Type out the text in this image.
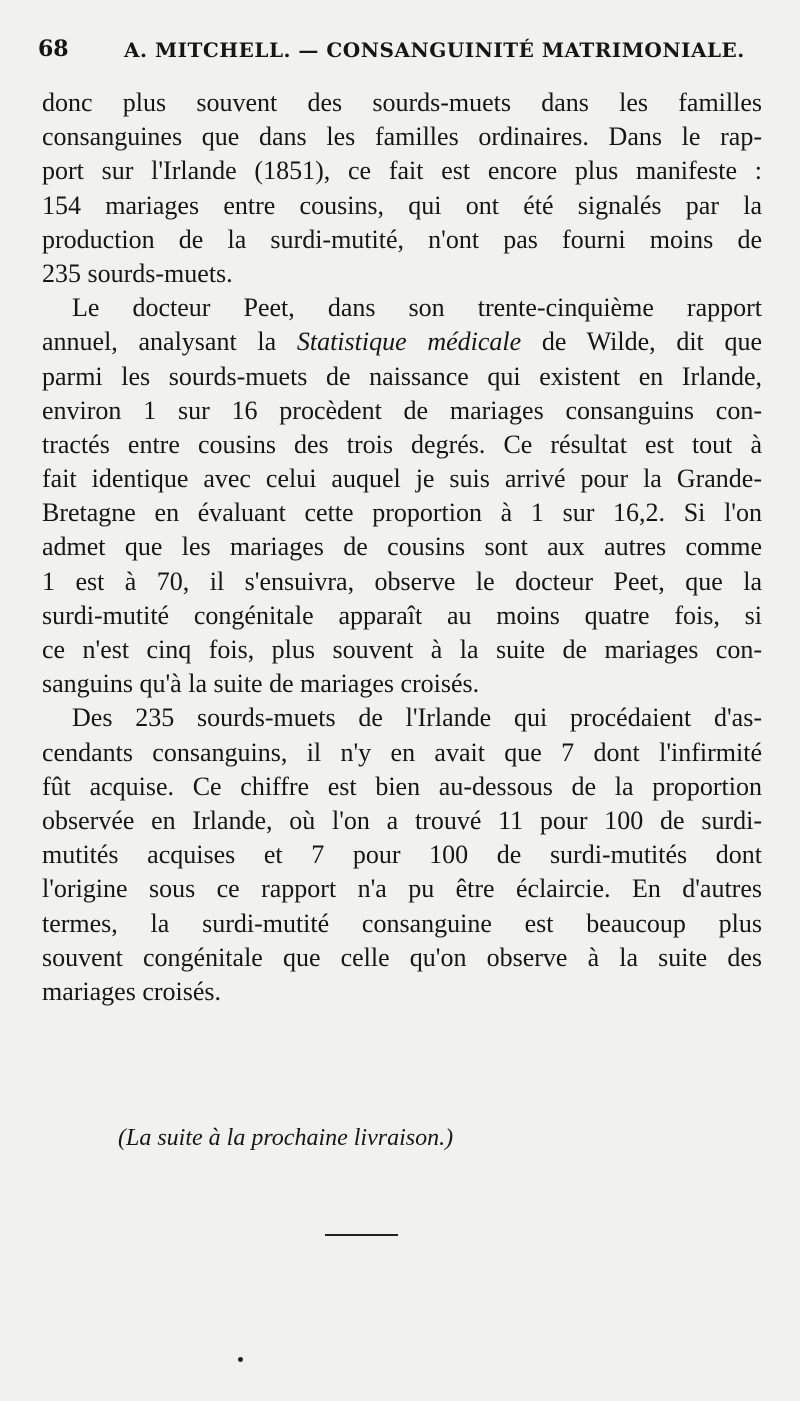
68	A. MITCHELL. — CONSANGUINITÉ MATRIMONIALE.
donc plus souvent des sourds-muets dans les familles
consanguines que dans les familles ordinaires. Dans le rap-
port sur l'Irlande (1851), ce fait est encore plus manifeste :
154 mariages entre cousins, qui ont été signalés par la
production de la surdi-mutité, n'ont pas fourni moins de
235 sourds-muets.
Le docteur Peet, dans son trente-cinquième rapport
annuel, analysant la Statistique médicale de Wilde, dit que
parmi les sourds-muets de naissance qui existent en Irlande,
environ 1 sur 16 procèdent de mariages consanguins con-
tractés entre cousins des trois degrés. Ce résultat est tout à
fait identique avec celui auquel je suis arrivé pour la Grande-
Bretagne en évaluant cette proportion à 1 sur 16,2. Si l'on
admet que les mariages de cousins sont aux autres comme
1 est à 70, il s'ensuivra, observe le docteur Peet, que la
surdi-mutité congénitale apparaît au moins quatre fois, si
ce n'est cinq fois, plus souvent à la suite de mariages con-
sanguins qu'à la suite de mariages croisés.
Des 235 sourds-muets de l'Irlande qui procédaient d'as-
cendants consanguins, il n'y en avait que 7 dont l'infirmité
fût acquise. Ce chiffre est bien au-dessous de la proportion
observée en Irlande, où l'on a trouvé 11 pour 100 de surdi-
mutités acquises et 7 pour 100 de surdi-mutités dont
l'origine sous ce rapport n'a pu être éclaircie. En d'autres
termes, la surdi-mutité consanguine est beaucoup plus
souvent congénitale que celle qu'on observe à la suite des
mariages croisés.
(La suite à la prochaine livraison.)
